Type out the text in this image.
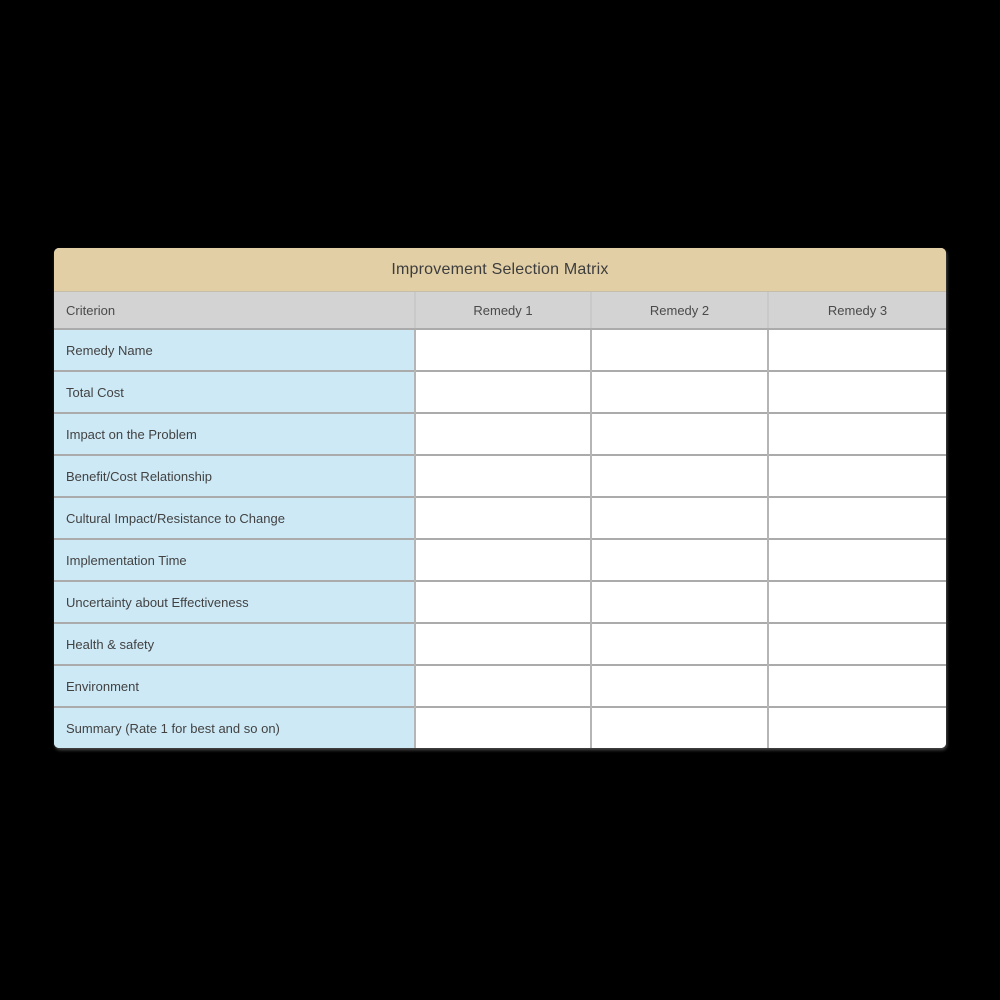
Improvement Selection Matrix
Criterion	Remedy 1	Remedy 2	Remedy 3
Remedy Name			
Total Cost			
Impact on the Problem			
Benefit/Cost Relationship			
Cultural Impact/Resistance to Change			
Implementation Time			
Uncertainty about Effectiveness			
Health & safety			
Environment			
Summary (Rate 1 for best and so on)			
